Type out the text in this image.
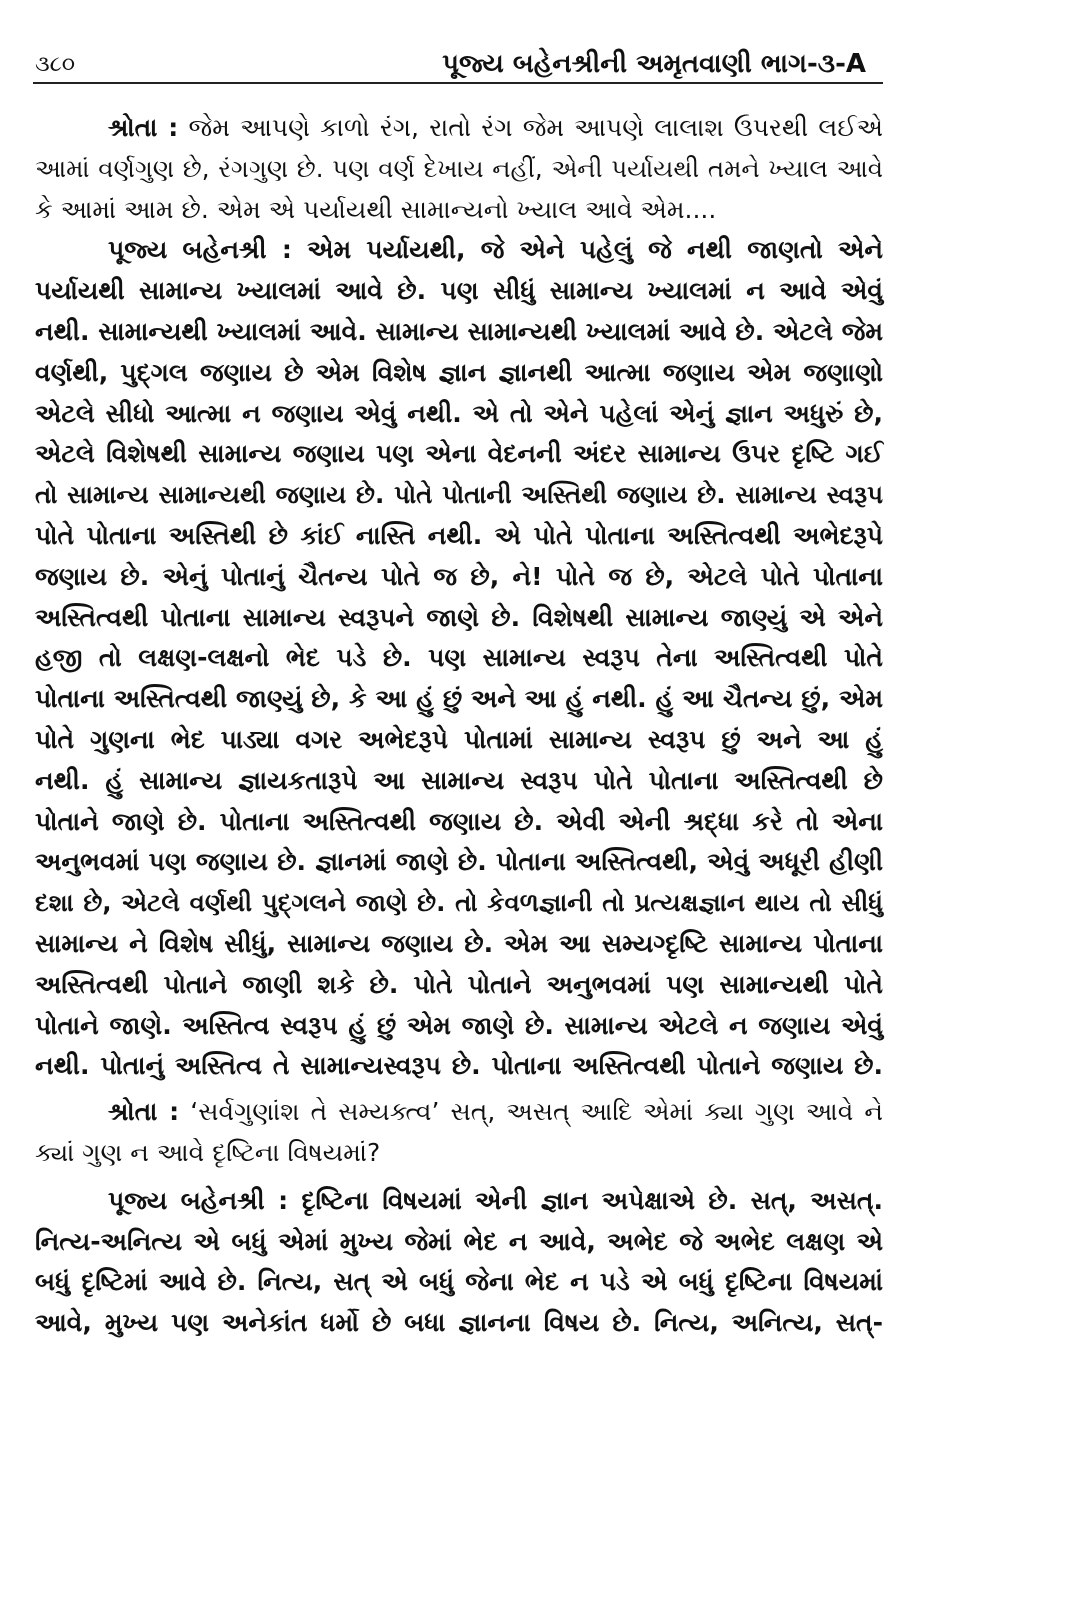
૩૮૦	પૂજ્ય બહેનશ્રીની અમૃતવાણી ભાગ-૩-A
શ્રોતા : જેમ આપણે કાળો રંગ, રાતો રંગ જેમ આપણે લાલાશ ઉપરથી લઈએ
આમાં વર્ણગુણ છે, રંગગુણ છે. પણ વર્ણ દેખાય નહીં, એની પર્યાયથી તમને ખ્યાલ આવે
કે આમાં આમ છે. એમ એ પર્યાયથી સામાન્યનો ખ્યાલ આવે એમ....
પૂજ્ય બહેનશ્રી : એમ પર્યાયથી, જે એને પહેલું જે નથી જાણતો એને
પર્યાયથી સામાન્ય ખ્યાલમાં આવે છે. પણ સીધું સામાન્ય ખ્યાલમાં ન આવે એવું
નથી. સામાન્યથી ખ્યાલમાં આવે. સામાન્ય સામાન્યથી ખ્યાલમાં આવે છે. એટલે જેમ
વર્ણથી, પુદ્ગલ જણાય છે એમ વિશેષ જ્ઞાન જ્ઞાનથી આત્મા જણાય એમ જણાણો
એટલે સીધો આત્મા ન જણાય એવું નથી. એ તો એને પહેલાં એનું જ્ઞાન અધુરું છે,
એટલે વિશેષથી સામાન્ય જણાય પણ એના વેદનની અંદર સામાન્ય ઉપર દૃષ્ટિ ગઈ
તો સામાન્ય સામાન્યથી જણાય છે. પોતે પોતાની અસ્તિથી જણાય છે. સામાન્ય સ્વરૂપ
પોતે પોતાના અસ્તિથી છે કાંઈ નાસ્તિ નથી. એ પોતે પોતાના અસ્તિત્વથી અભેદરૂપે
જણાય છે. એનું પોતાનું ચૈતન્ય પોતે જ છે, ને! પોતે જ છે, એટલે પોતે પોતાના
અસ્તિત્વથી પોતાના સામાન્ય સ્વરૂપને જાણે છે. વિશેષથી સામાન્ય જાણ્યું એ એને
હજી તો લક્ષણ-લક્ષનો ભેદ પડે છે. પણ સામાન્ય સ્વરૂપ તેના અસ્તિત્વથી પોતે
પોતાના અસ્તિત્વથી જાણ્યું છે, કે આ હું છું અને આ હું નથી. હું આ ચૈતન્ય છું, એમ
પોતે ગુણના ભેદ પાડ્યા વગર અભેદરૂપે પોતામાં સામાન્ય સ્વરૂપ છું અને આ હું
નથી. હું સામાન્ય જ્ઞાયકતારૂપે આ સામાન્ય સ્વરૂપ પોતે પોતાના અસ્તિત્વથી છે
પોતાને જાણે છે. પોતાના અસ્તિત્વથી જણાય છે. એવી એની શ્રદ્ધા કરે તો એના
અનુભવમાં પણ જણાય છે. જ્ઞાનમાં જાણે છે. પોતાના અસ્તિત્વથી, એવું અધૂરી હીણી
દશા છે, એટલે વર્ણથી પુદ્ગલને જાણે છે. તો કેવળજ્ઞાની તો પ્રત્યક્ષજ્ઞાન થાય તો સીધું
સામાન્ય ને વિશેષ સીધું, સામાન્ય જણાય છે. એમ આ સમ્યગ્દૃષ્ટિ સામાન્ય પોતાના
અસ્તિત્વથી પોતાને જાણી શકે છે. પોતે પોતાને અનુભવમાં પણ સામાન્યથી પોતે
પોતાને જાણે. અસ્તિત્વ સ્વરૂપ હું છું એમ જાણે છે. સામાન્ય એટલે ન જણાય એવું
નથી. પોતાનું અસ્તિત્વ તે સામાન્યસ્વરૂપ છે. પોતાના અસ્તિત્વથી પોતાને જણાય છે.
શ્રોતા : ‘સર્વગુણાંશ તે સમ્યક્ત્વ’ સત્, અસત્ આદિ એમાં ક્યા ગુણ આવે ને
ક્યાં ગુણ ન આવે દૃષ્ટિના વિષયમાં?
પૂજ્ય બહેનશ્રી : દૃષ્ટિના વિષયમાં એની જ્ઞાન અપેક્ષાએ છે. સત્, અસત્.
નિત્ય-અનિત્ય એ બધું એમાં મુખ્ય જેમાં ભેદ ન આવે, અભેદ જે અભેદ લક્ષણ એ
બધું દૃષ્ટિમાં આવે છે. નિત્ય, સત્ એ બધું જેના ભેદ ન પડે એ બધું દૃષ્ટિના વિષયમાં
આવે, મુખ્ય પણ અનેકાંત ધર્મો છે બધા જ્ઞાનના વિષય છે. નિત્ય, અનિત્ય, સત્-
